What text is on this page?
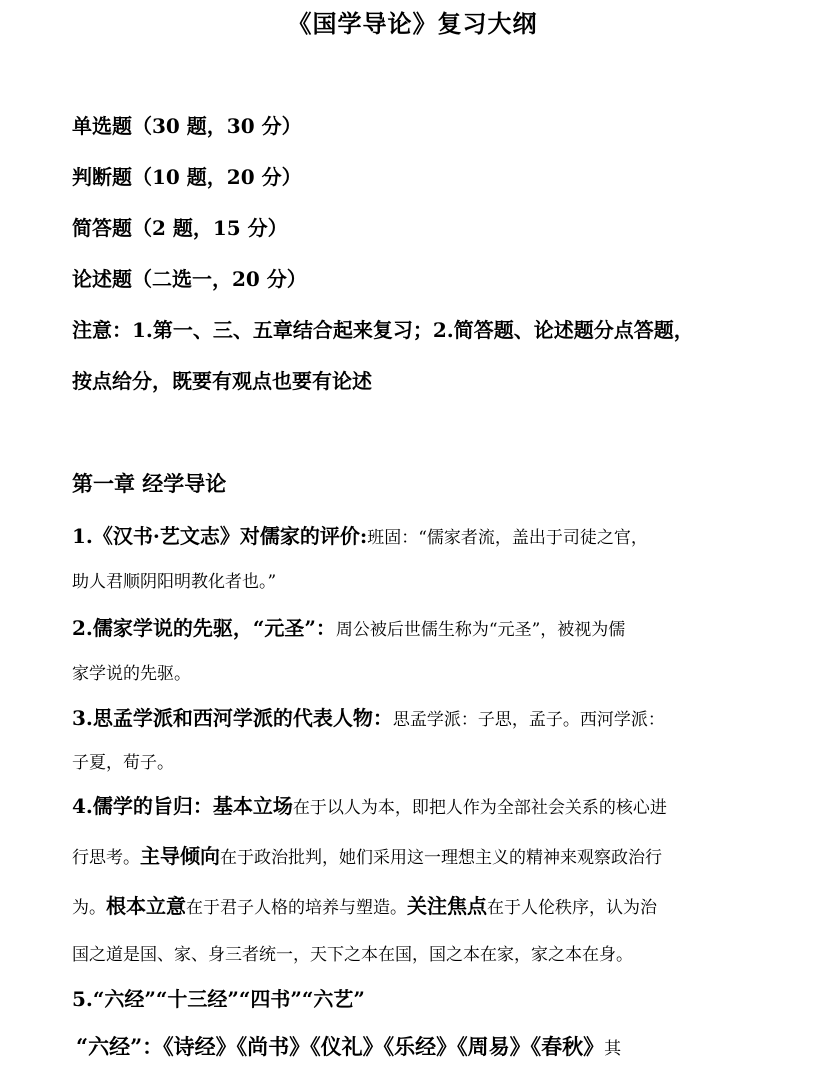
《国学导论》复习大纲
单选题（30 题，30 分）
判断题（10 题，20 分）
简答题（2 题，15 分）
论述题（二选一，20 分）
注意：1.第一、三、五章结合起来复习；2.简答题、论述题分点答题，
按点给分，既要有观点也要有论述
第一章 经学导论
1.《汉书·艺文志》对儒家的评价:班固：“儒家者流，盖出于司徒之官，
助人君顺阴阳明教化者也。”
2.儒家学说的先驱，“元圣”：周公被后世儒生称为“元圣”，被视为儒
家学说的先驱。
3.思孟学派和西河学派的代表人物：思孟学派：子思，孟子。西河学派：
子夏，荀子。
4.儒学的旨归：基本立场在于以人为本，即把人作为全部社会关系的核心进
行思考。主导倾向在于政治批判，她们采用这一理想主义的精神来观察政治行
为。根本立意在于君子人格的培养与塑造。关注焦点在于人伦秩序，认为治
国之道是国、家、身三者统一，天下之本在国，国之本在家，家之本在身。
5.“六经”“十三经”“四书”“六艺”
“六经”：《诗经》《尚书》《仪礼》《乐经》《周易》《春秋》其
